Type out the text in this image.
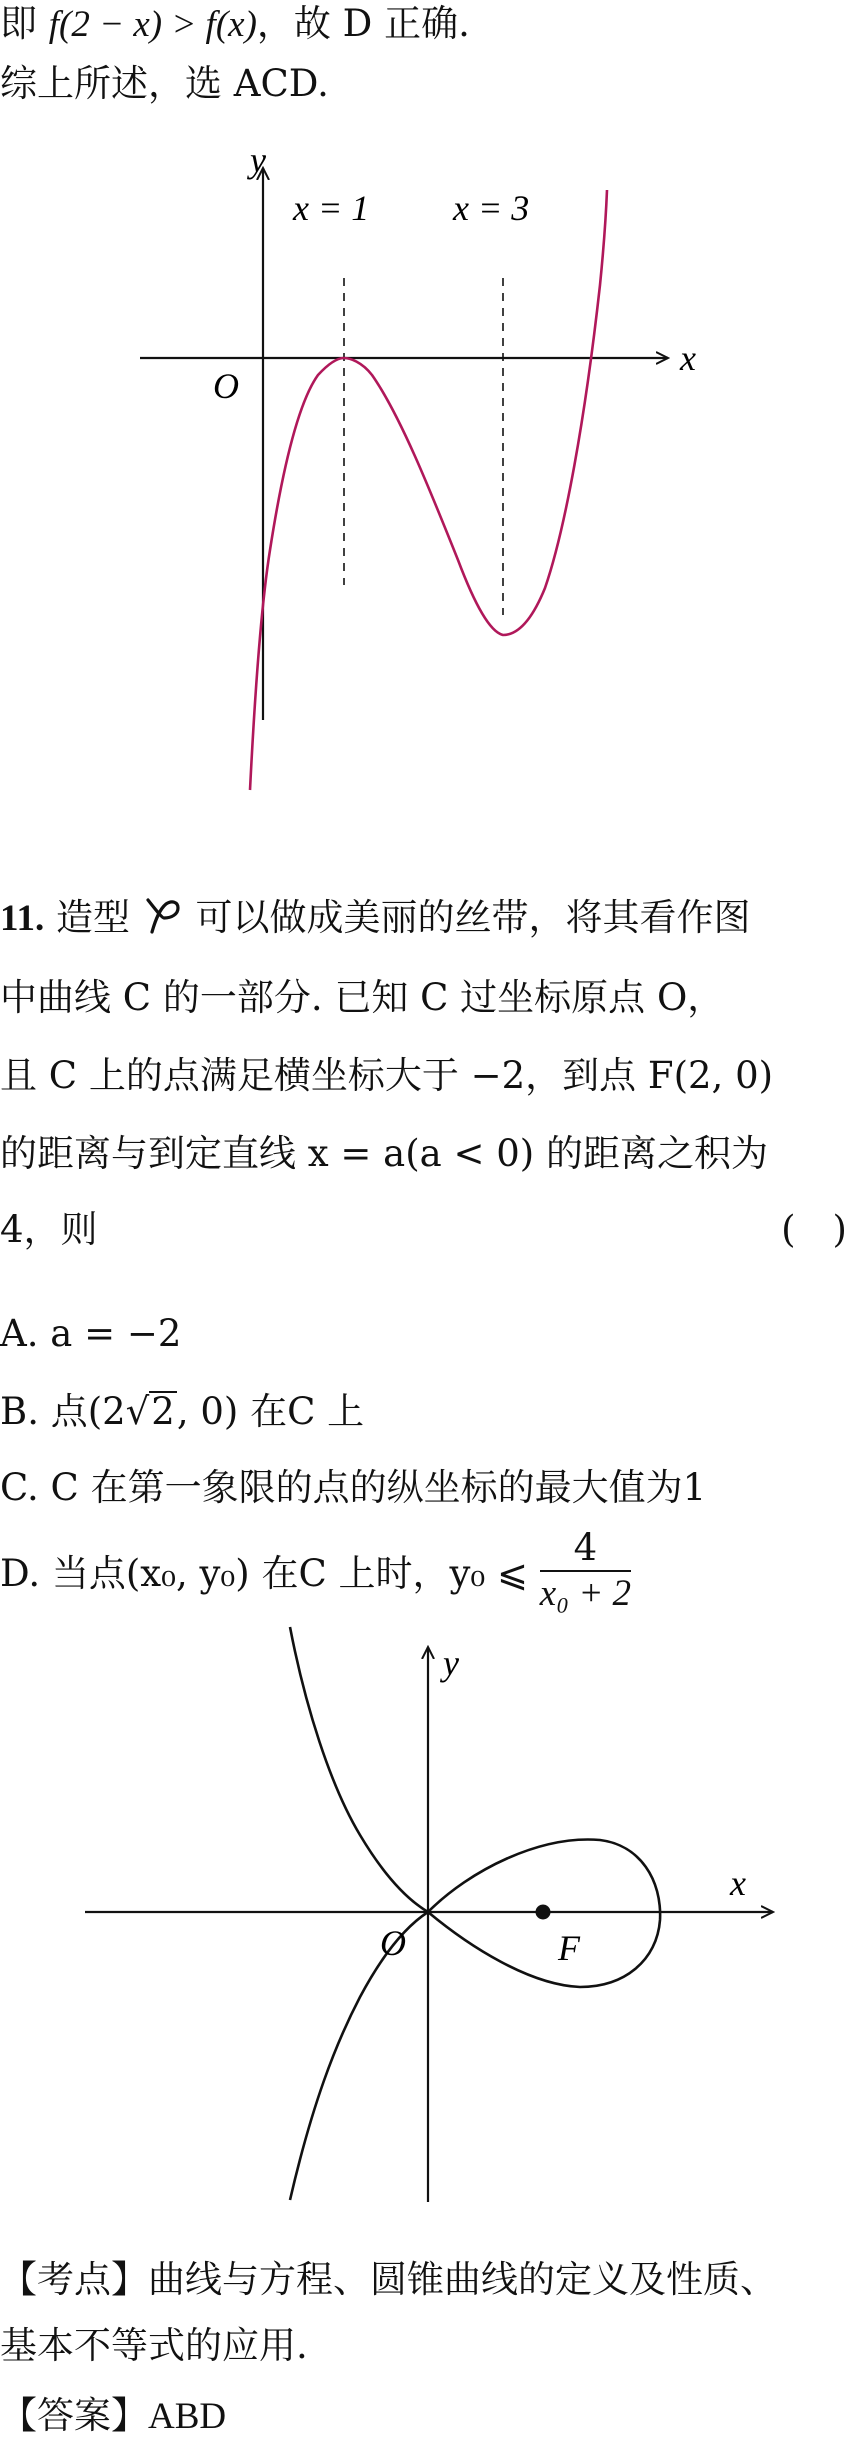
即 f(2 − x) > f(x)，故 D 正确.
综上所述，选 ACD.
y
x
O
x = 1 x = 3
11. 造型 可以做成美丽的丝带，将其看作图
中曲线 C 的一部分. 已知 C 过坐标原点 O，
且 C 上的点满足横坐标大于 −2，到点 F(2, 0)
的距离与到定直线 x = a(a < 0) 的距离之积为
4，则	(　)
A. a = −2
B. 点(2√2, 0) 在C 上
C. C 在第一象限的点的纵坐标的最大值为1
D. 当点(x₀, y₀) 在C 上时，y₀ ⩽ $\frac{4}{\text{x₀ + 2}}$
y
x
O	F
【考点】曲线与方程、圆锥曲线的定义及性质、
基本不等式的应用.
【答案】ABD
